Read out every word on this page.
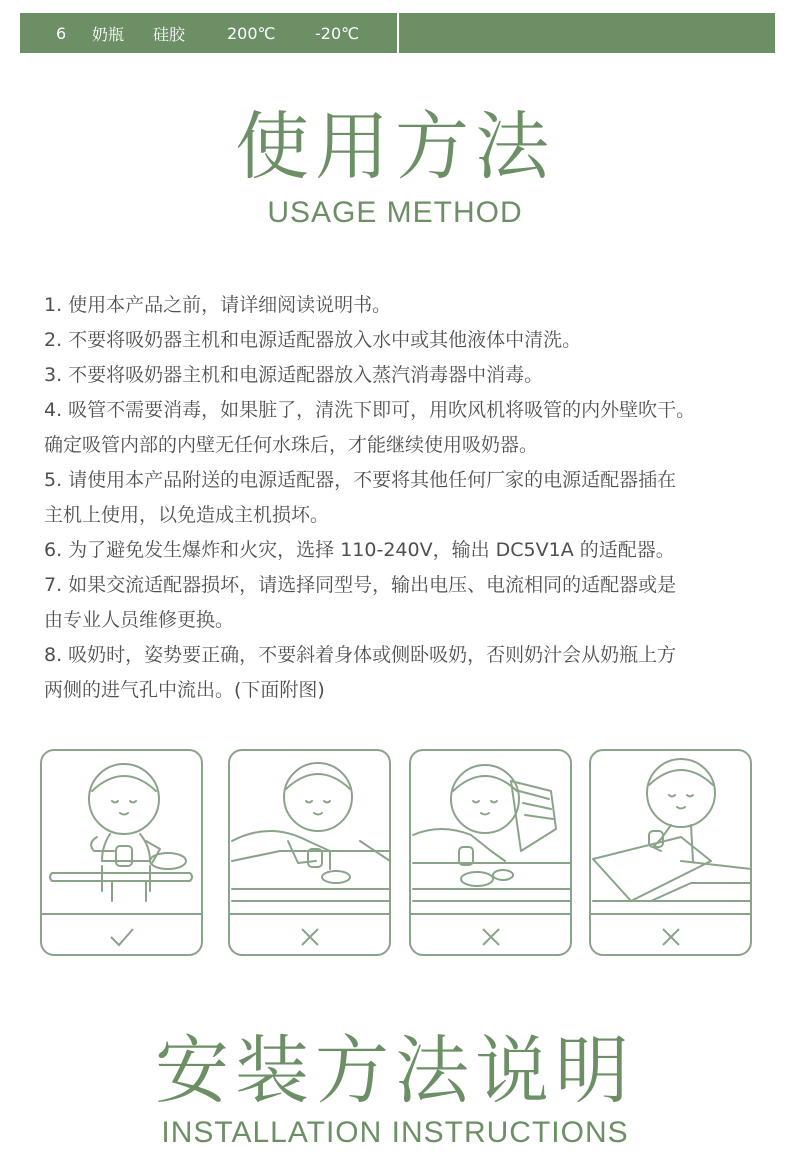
6 奶瓶 硅胶	200℃ -20℃
使用方法
USAGE METHOD

1. 使用本产品之前，请详细阅读说明书。

2. 不要将吸奶器主机和电源适配器放入水中或其他液体中清洗。

3. 不要将吸奶器主机和电源适配器放入蒸汽消毒器中消毒。

4. 吸管不需要消毒，如果脏了，清洗下即可，用吹风机将吸管的内外壁吹干。

确定吸管内部的内壁无任何水珠后，才能继续使用吸奶器。

5. 请使用本产品附送的电源适配器，不要将其他任何厂家的电源适配器插在

主机上使用，以免造成主机损坏。

6. 为了避免发生爆炸和火灾，选择 110-240V，输出 DC5V1A 的适配器。

7. 如果交流适配器损坏，请选择同型号，输出电压、电流相同的适配器或是

由专业人员维修更换。

8. 吸奶时，姿势要正确，不要斜着身体或侧卧吸奶，否则奶汁会从奶瓶上方

两侧的进气孔中流出。(下面附图)

安装方法说明
INSTALLATION INSTRUCTIONS
